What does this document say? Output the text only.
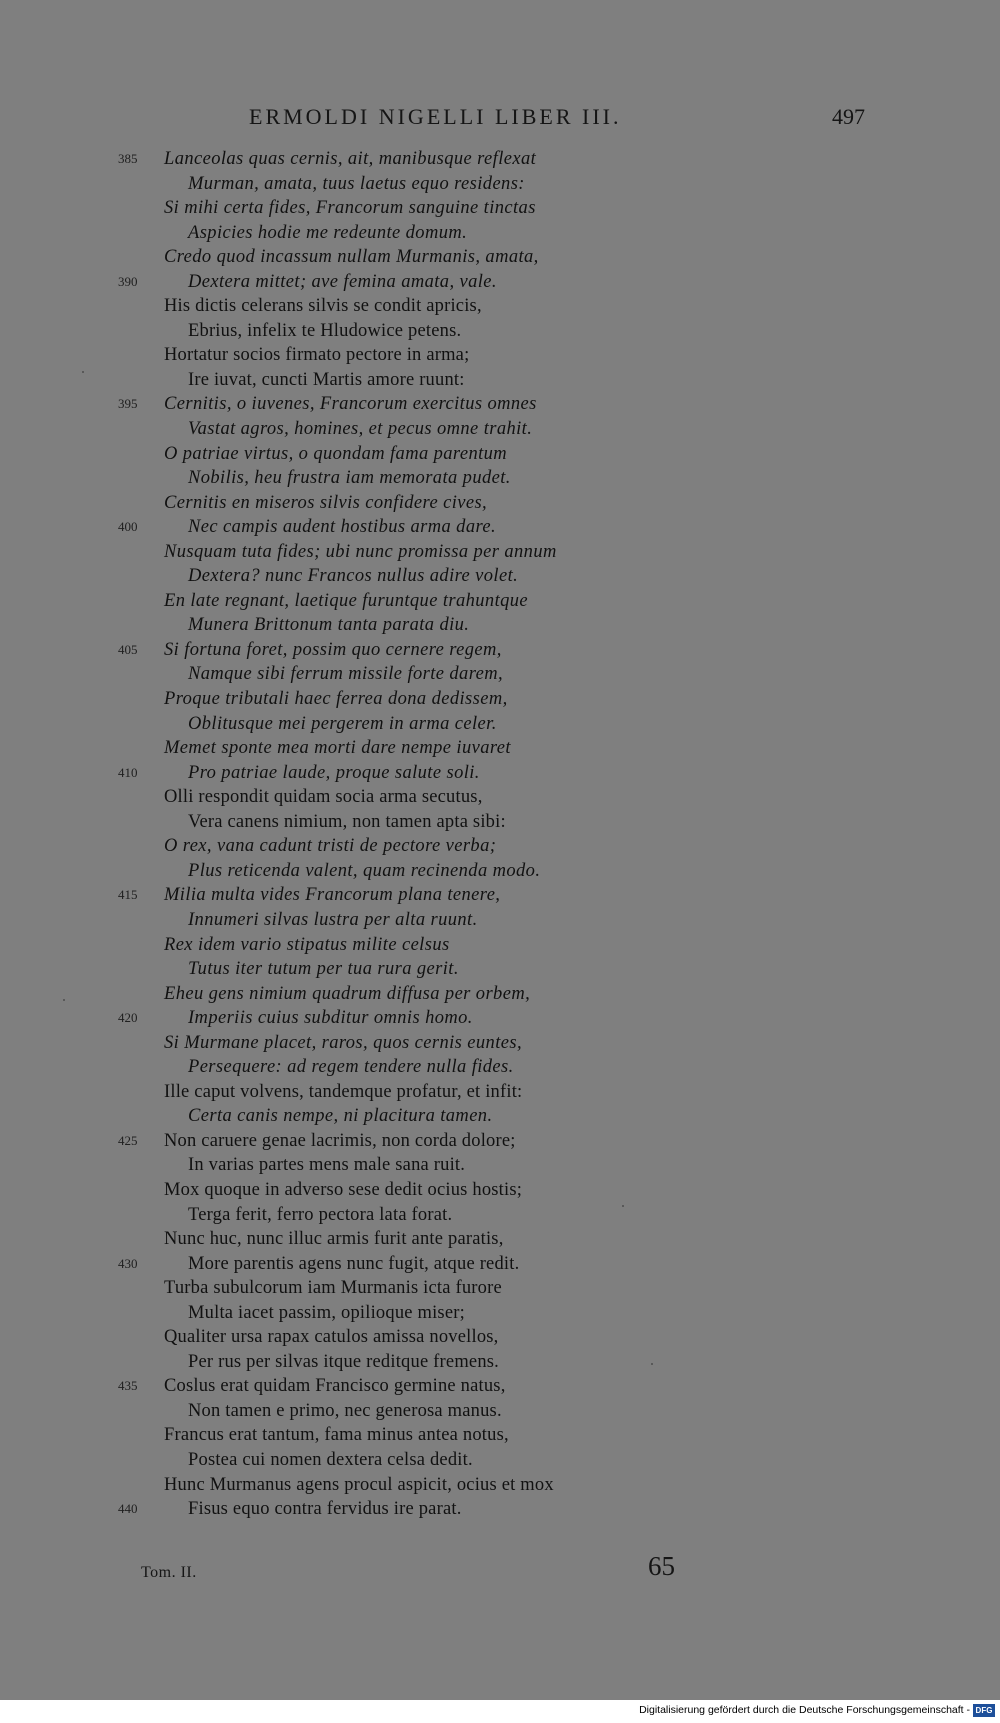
ERMOLDI NIGELLI LIBER III.	497
385	Lanceolas quas cernis, ait, manibusque reflexat
Murman, amata, tuus laetus equo residens:
Si mihi certa fides, Francorum sanguine tinctas
Aspicies hodie me redeunte domum.
Credo quod incassum nullam Murmanis, amata,
390	Dextera mittet; ave femina amata, vale.
His dictis celerans silvis se condit apricis,
Ebrius, infelix te Hludowice petens.
Hortatur socios firmato pectore in arma;
Ire iuvat, cuncti Martis amore ruunt:
395	Cernitis, o iuvenes, Francorum exercitus omnes
Vastat agros, homines, et pecus omne trahit.
O patriae virtus, o quondam fama parentum
Nobilis, heu frustra iam memorata pudet.
Cernitis en miseros silvis confidere cives,
400	Nec campis audent hostibus arma dare.
Nusquam tuta fides; ubi nunc promissa per annum
Dextera? nunc Francos nullus adire volet.
En late regnant, laetique furuntque trahuntque
Munera Brittonum tanta parata diu.
405	Si fortuna foret, possim quo cernere regem,
Namque sibi ferrum missile forte darem,
Proque tributali haec ferrea dona dedissem,
Oblitusque mei pergerem in arma celer.
Memet sponte mea morti dare nempe iuvaret
410	Pro patriae laude, proque salute soli.
Olli respondit quidam socia arma secutus,
Vera canens nimium, non tamen apta sibi:
O rex, vana cadunt tristi de pectore verba;
Plus reticenda valent, quam recinenda modo.
415	Milia multa vides Francorum plana tenere,
Innumeri silvas lustra per alta ruunt.
Rex idem vario stipatus milite celsus
Tutus iter tutum per tua rura gerit.
Eheu gens nimium quadrum diffusa per orbem,
420	Imperiis cuius subditur omnis homo.
Si Murmane placet, raros, quos cernis euntes,
Persequere: ad regem tendere nulla fides.
Ille caput volvens, tandemque profatur, et infit:
Certa canis nempe, ni placitura tamen.
425	Non caruere genae lacrimis, non corda dolore;
In varias partes mens male sana ruit.
Mox quoque in adverso sese dedit ocius hostis;
Terga ferit, ferro pectora lata forat.
Nunc huc, nunc illuc armis furit ante paratis,
430	More parentis agens nunc fugit, atque redit.
Turba subulcorum iam Murmanis icta furore
Multa iacet passim, opilioque miser;
Qualiter ursa rapax catulos amissa novellos,
Per rus per silvas itque reditque fremens.
435	Coslus erat quidam Francisco germine natus,
Non tamen e primo, nec generosa manus.
Francus erat tantum, fama minus antea notus,
Postea cui nomen dextera celsa dedit.
Hunc Murmanus agens procul aspicit, ocius et mox
440	Fisus equo contra fervidus ire parat.
Tom. II.	65
Digitalisierung gefördert durch die Deutsche Forschungsgemeinschaft - DFG
